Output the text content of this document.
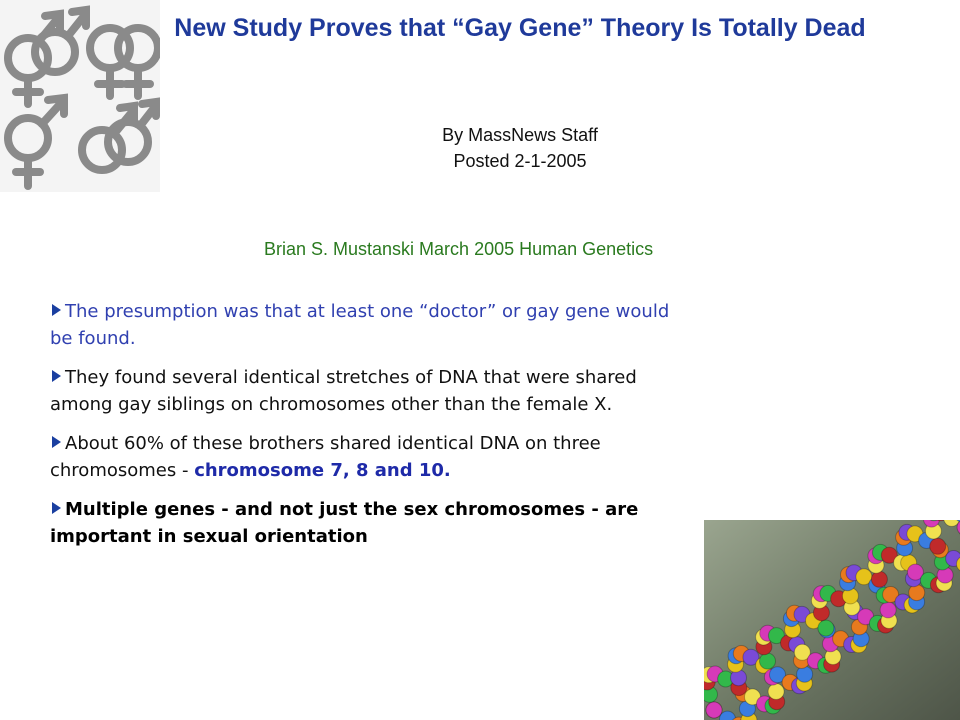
New Study Proves that “Gay Gene” Theory Is Totally Dead
By MassNews Staff
Posted 2-1-2005
Brian S. Mustanski March 2005 Human Genetics
The presumption was that at least one “doctor” or gay gene would be found.
They found several identical stretches of DNA that were shared among gay siblings on chromosomes other than the female X.
About 60% of these brothers shared identical DNA on three chromosomes - chromosome 7, 8 and 10.
Multiple genes - and not just the sex chromosomes - are important in sexual orientation
